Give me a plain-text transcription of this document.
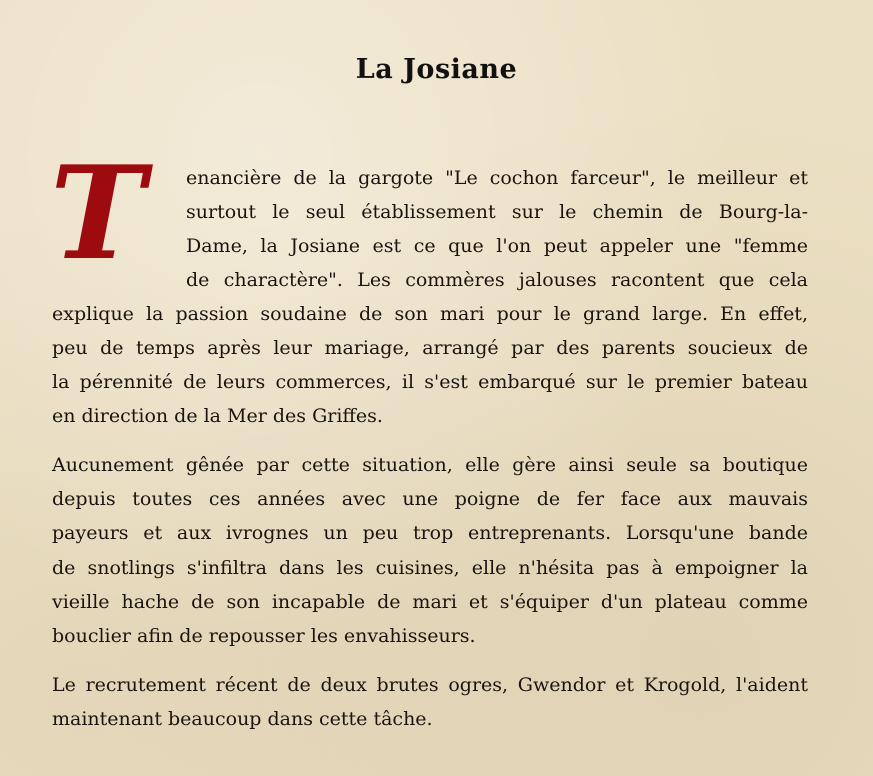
La Josiane
T	enancière de la gargote "Le cochon farceur", le meilleur et
surtout le seul établissement sur le chemin de Bourg-la-
Dame, la Josiane est ce que l'on peut appeler une "femme
de charactère". Les commères jalouses racontent que cela
explique la passion soudaine de son mari pour le grand large. En effet,
peu de temps après leur mariage, arrangé par des parents soucieux de
la pérennité de leurs commerces, il s'est embarqué sur le premier bateau
en direction de la Mer des Griffes.
Aucunement gênée par cette situation, elle gère ainsi seule sa boutique
depuis toutes ces années avec une poigne de fer face aux mauvais
payeurs et aux ivrognes un peu trop entreprenants. Lorsqu'une bande
de snotlings s'infiltra dans les cuisines, elle n'hésita pas à empoigner la
vieille hache de son incapable de mari et s'équiper d'un plateau comme
bouclier afin de repousser les envahisseurs.
Le recrutement récent de deux brutes ogres, Gwendor et Krogold, l'aident
maintenant beaucoup dans cette tâche.
